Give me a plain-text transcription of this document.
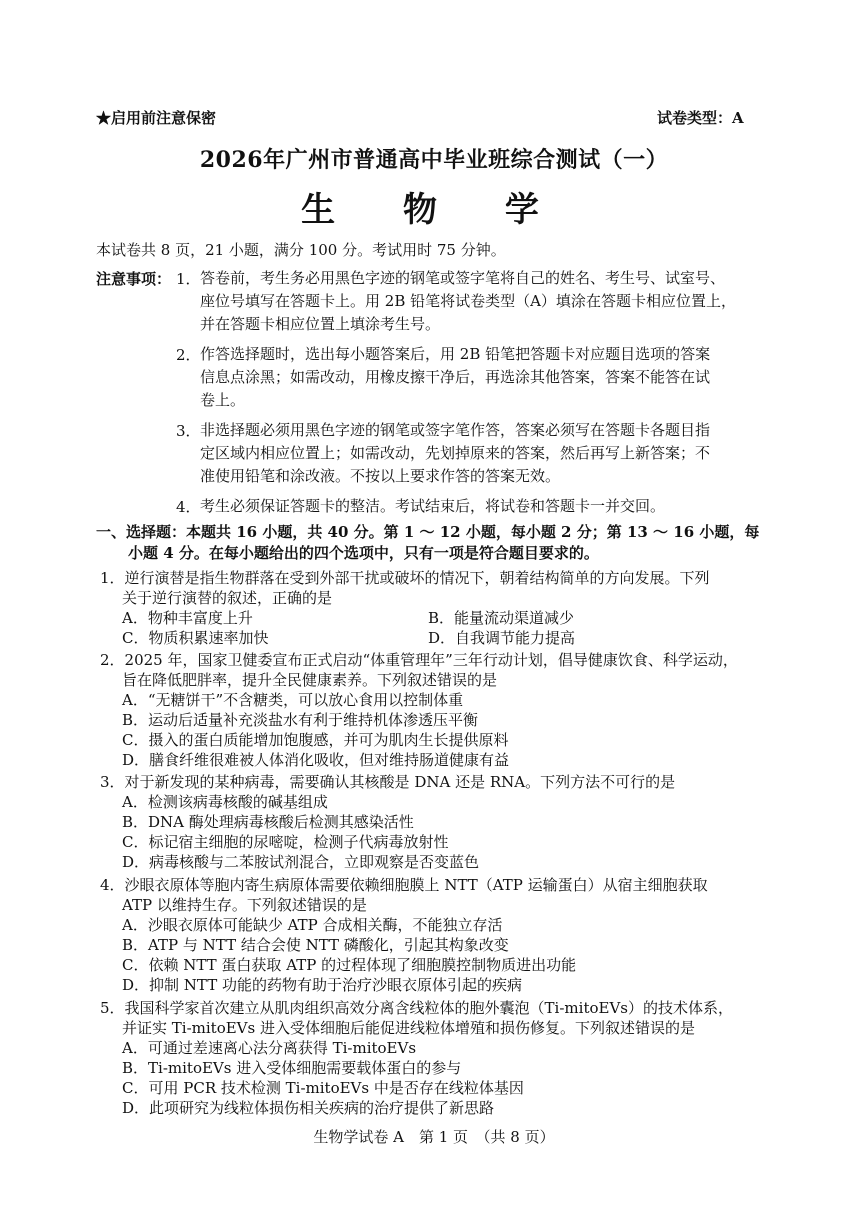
★启用前注意保密	试卷类型：A
2026年广州市普通高中毕业班综合测试（一）
生 物 学
本试卷共 8 页，21 小题，满分 100 分。考试用时 75 分钟。
注意事项： 1． 答卷前，考生务必用黑色字迹的钢笔或签字笔将自己的姓名、考生号、试室号、
座位号填写在答题卡上。用 2B 铅笔将试卷类型（A）填涂在答题卡相应位置上，
并在答题卡相应位置上填涂考生号。
2． 作答选择题时，选出每小题答案后，用 2B 铅笔把答题卡对应题目选项的答案
信息点涂黑；如需改动，用橡皮擦干净后，再选涂其他答案，答案不能答在试
卷上。
3． 非选择题必须用黑色字迹的钢笔或签字笔作答，答案必须写在答题卡各题目指
定区域内相应位置上；如需改动，先划掉原来的答案，然后再写上新答案；不
准使用铅笔和涂改液。不按以上要求作答的答案无效。
4． 考生必须保证答题卡的整洁。考试结束后，将试卷和答题卡一并交回。
一、选择题：本题共 16 小题，共 40 分。第 1 ～ 12 小题，每小题 2 分；第 13 ～ 16 小题，每
小题 4 分。在每小题给出的四个选项中，只有一项是符合题目要求的。
1．逆行演替是指生物群落在受到外部干扰或破坏的情况下，朝着结构简单的方向发展。下列
关于逆行演替的叙述，正确的是
A．物种丰富度上升	B．能量流动渠道减少
C．物质积累速率加快	D．自我调节能力提高
2．2025 年，国家卫健委宣布正式启动“体重管理年”三年行动计划，倡导健康饮食、科学运动，
旨在降低肥胖率，提升全民健康素养。下列叙述错误的是
A．“无糖饼干”不含糖类，可以放心食用以控制体重
B．运动后适量补充淡盐水有利于维持机体渗透压平衡
C．摄入的蛋白质能增加饱腹感，并可为肌肉生长提供原料
D．膳食纤维很难被人体消化吸收，但对维持肠道健康有益
3．对于新发现的某种病毒，需要确认其核酸是 DNA 还是 RNA。下列方法不可行的是
A．检测该病毒核酸的碱基组成
B．DNA 酶处理病毒核酸后检测其感染活性
C．标记宿主细胞的尿嘧啶，检测子代病毒放射性
D．病毒核酸与二苯胺试剂混合，立即观察是否变蓝色
4．沙眼衣原体等胞内寄生病原体需要依赖细胞膜上 NTT（ATP 运输蛋白）从宿主细胞获取
ATP 以维持生存。下列叙述错误的是
A．沙眼衣原体可能缺少 ATP 合成相关酶，不能独立存活
B．ATP 与 NTT 结合会使 NTT 磷酸化，引起其构象改变
C．依赖 NTT 蛋白获取 ATP 的过程体现了细胞膜控制物质进出功能
D．抑制 NTT 功能的药物有助于治疗沙眼衣原体引起的疾病
5．我国科学家首次建立从肌肉组织高效分离含线粒体的胞外囊泡（Ti-mitoEVs）的技术体系，
并证实 Ti-mitoEVs 进入受体细胞后能促进线粒体增殖和损伤修复。下列叙述错误的是
A．可通过差速离心法分离获得 Ti-mitoEVs
B．Ti-mitoEVs 进入受体细胞需要载体蛋白的参与
C．可用 PCR 技术检测 Ti-mitoEVs 中是否存在线粒体基因
D．此项研究为线粒体损伤相关疾病的治疗提供了新思路
生物学试卷 A　第 1 页　（共 8 页）
